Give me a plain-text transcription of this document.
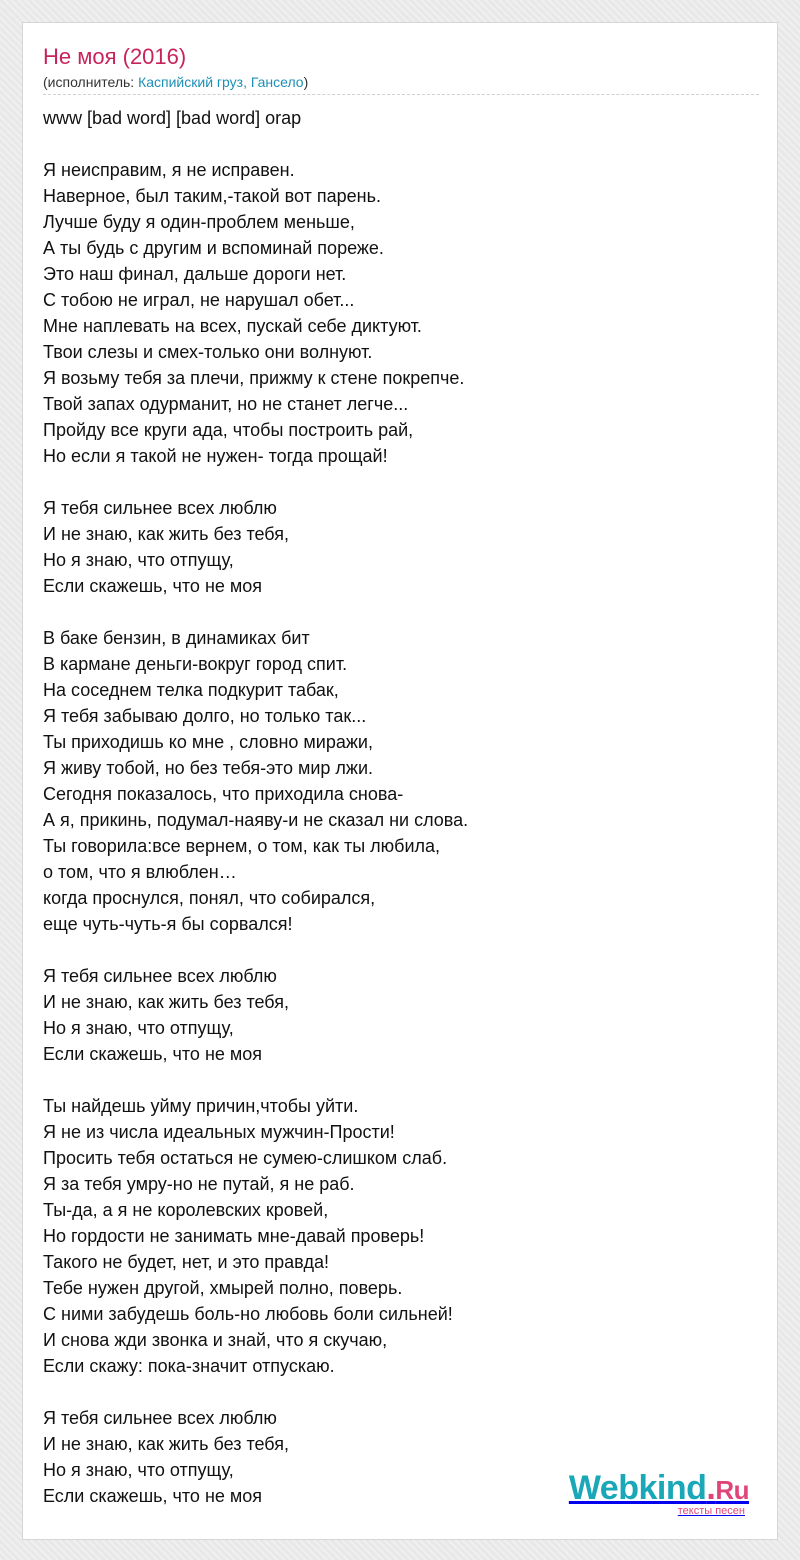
Не моя (2016)
(исполнитель: Каспийский груз, Гансело)
www [bad word] [bad word] orap
Я неисправим, я не исправен.
Наверное, был таким,-такой вот парень.
Лучше буду я один-проблем меньше,
А ты будь с другим и вспоминай пореже.
Это наш финал, дальше дороги нет.
С тобою не играл, не нарушал обет...
Мне наплевать на всех, пускай себе диктуют.
Твои слезы и смех-только они волнуют.
Я возьму тебя за плечи, прижму к стене покрепче.
Твой запах одурманит, но не станет легче...
Пройду все круги ада, чтобы построить рай,
Но если я такой не нужен- тогда прощай!
Я тебя сильнее всех люблю
И не знаю, как жить без тебя,
Но я знаю, что отпущу,
Если скажешь, что не моя
В баке бензин, в динамиках бит
В кармане деньги-вокруг город спит.
На соседнем телка подкурит табак,
Я тебя забываю долго, но только так...
Ты приходишь ко мне , словно миражи,
Я живу тобой, но без тебя-это мир лжи.
Сегодня показалось, что приходила снова-
А я, прикинь, подумал-наяву-и не сказал ни слова.
Ты говорила:все вернем, о том, как ты любила,
о том, что я влюблен…
когда проснулся, понял, что собирался,
еще чуть-чуть-я бы сорвался!
Я тебя сильнее всех люблю
И не знаю, как жить без тебя,
Но я знаю, что отпущу,
Если скажешь, что не моя
Ты найдешь уйму причин,чтобы уйти.
Я не из числа идеальных мужчин-Прости!
Просить тебя остаться не сумею-слишком слаб.
Я за тебя умру-но не путай, я не раб.
Ты-да, а я не королевских кровей,
Но гордости не занимать мне-давай проверь!
Такого не будет, нет, и это правда!
Тебе нужен другой, хмырей полно, поверь.
С ними забудешь боль-но любовь боли сильней!
И снова жди звонка и знай, что я скучаю,
Если скажу: пока-значит отпускаю.
Я тебя сильнее всех люблю
И не знаю, как жить без тебя,
Но я знаю, что отпущу,
Если скажешь, что не моя	Webkind.Ru
тексты песен
